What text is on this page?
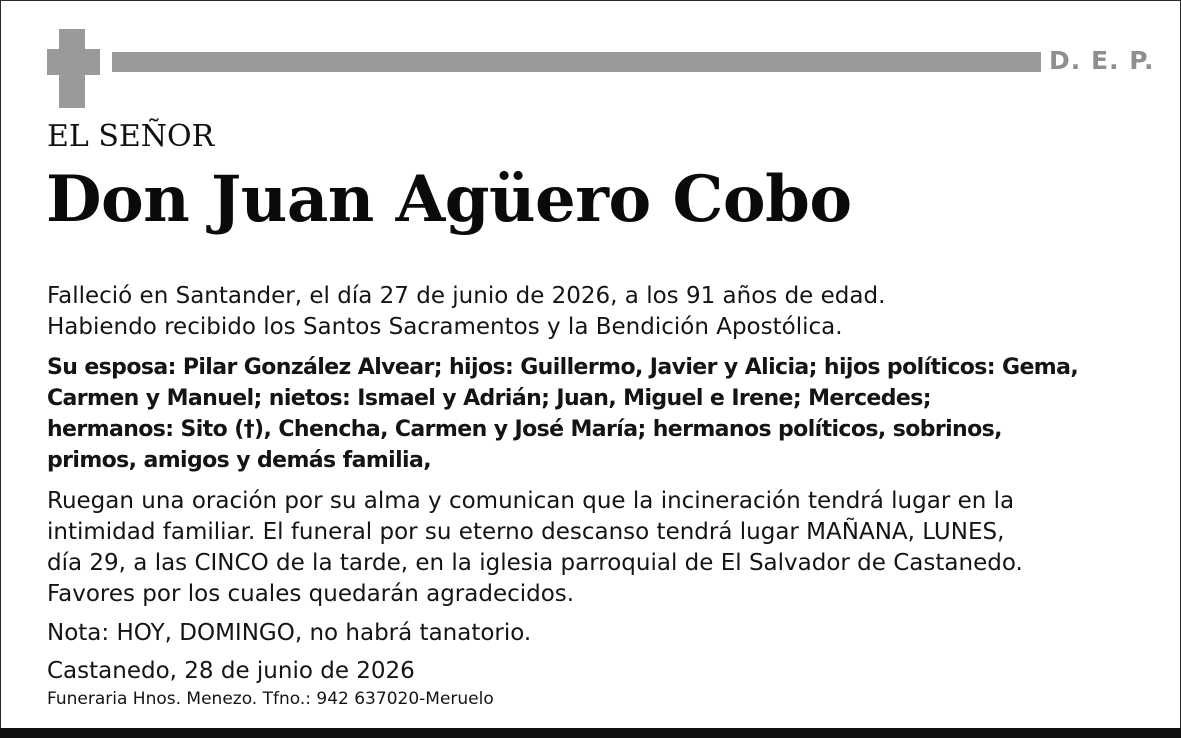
D. E. P.
EL SEÑOR
Don Juan Agüero Cobo

Falleció en Santander, el día 27 de junio de 2026, a los 91 años de edad.

Habiendo recibido los Santos Sacramentos y la Bendición Apostólica.

Su esposa: Pilar González Alvear; hijos: Guillermo, Javier y Alicia; hijos políticos: Gema,

Carmen y Manuel; nietos: Ismael y Adrián; Juan, Miguel e Irene; Mercedes;

hermanos: Sito (†), Chencha, Carmen y José María; hermanos políticos, sobrinos,

primos, amigos y demás familia,

Ruegan una oración por su alma y comunican que la incineración tendrá lugar en la

intimidad familiar. El funeral por su eterno descanso tendrá lugar MAÑANA, LUNES,

día 29, a las CINCO de la tarde, en la iglesia parroquial de El Salvador de Castanedo.

Favores por los cuales quedarán agradecidos.

Nota: HOY, DOMINGO, no habrá tanatorio.

Castanedo, 28 de junio de 2026

Funeraria Hnos. Menezo. Tfno.: 942 637020-Meruelo
